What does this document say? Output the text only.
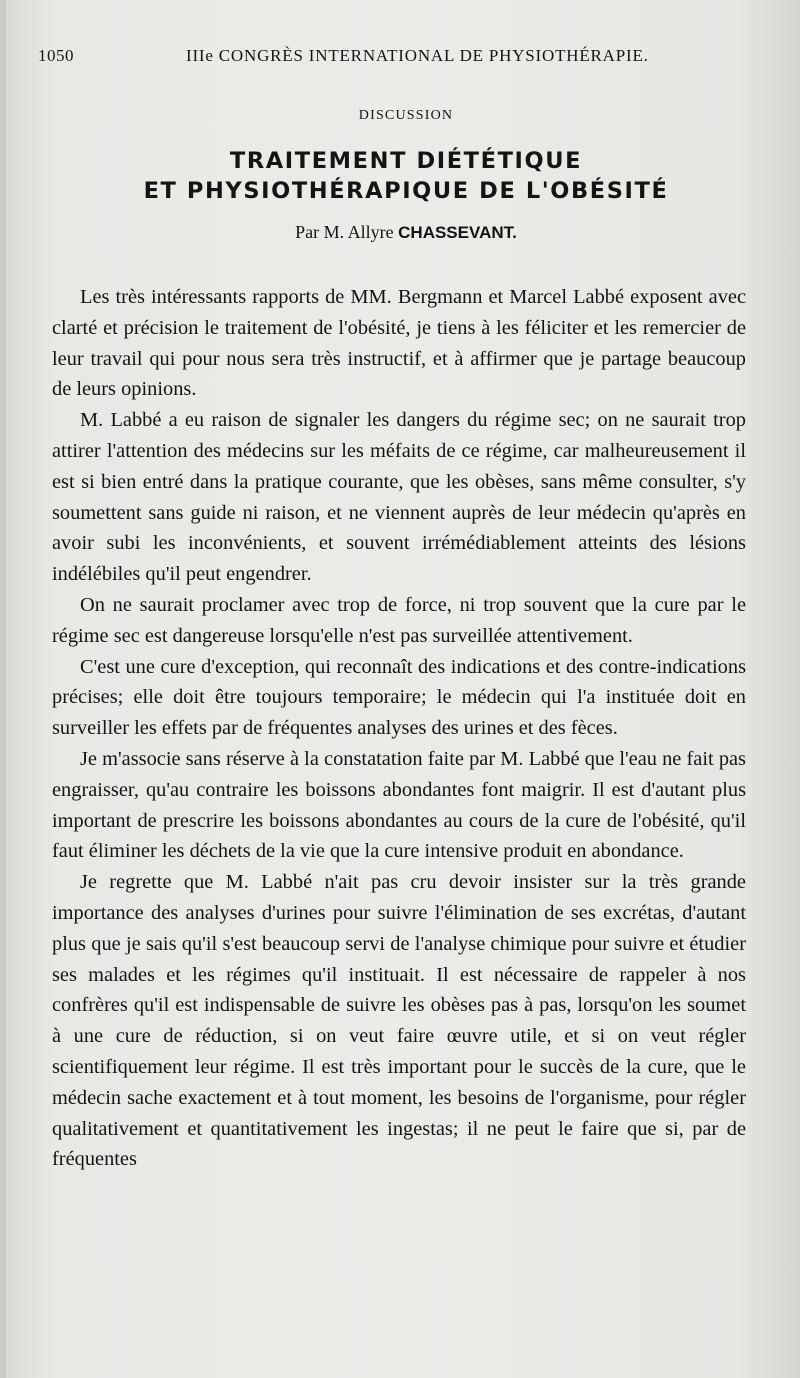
1050	IIIe CONGRÈS INTERNATIONAL DE PHYSIOTHÉRAPIE.
DISCUSSION
TRAITEMENT DIÉTÉTIQUE
ET PHYSIOTHÉRAPIQUE DE L'OBÉSITÉ
Par M. Allyre CHASSEVANT.

Les très intéressants rapports de MM. Bergmann et Marcel Labbé exposent avec clarté et précision le traitement de l'obésité, je tiens à les féliciter et les remercier de leur travail qui pour nous sera très instructif, et à affirmer que je partage beaucoup de leurs opinions.

M. Labbé a eu raison de signaler les dangers du régime sec; on ne saurait trop attirer l'attention des médecins sur les méfaits de ce régime, car malheureusement il est si bien entré dans la pratique courante, que les obèses, sans même consulter, s'y soumettent sans guide ni raison, et ne viennent auprès de leur médecin qu'après en avoir subi les inconvénients, et souvent irrémédiablement atteints des lésions indélébiles qu'il peut engendrer.

On ne saurait proclamer avec trop de force, ni trop souvent que la cure par le régime sec est dangereuse lorsqu'elle n'est pas surveillée attentivement.

C'est une cure d'exception, qui reconnaît des indications et des contre-indications précises; elle doit être toujours temporaire; le médecin qui l'a instituée doit en surveiller les effets par de fréquentes analyses des urines et des fèces.

Je m'associe sans réserve à la constatation faite par M. Labbé que l'eau ne fait pas engraisser, qu'au contraire les boissons abondantes font maigrir. Il est d'autant plus important de prescrire les boissons abondantes au cours de la cure de l'obésité, qu'il faut éliminer les déchets de la vie que la cure intensive produit en abondance.

Je regrette que M. Labbé n'ait pas cru devoir insister sur la très grande importance des analyses d'urines pour suivre l'élimination de ses excrétas, d'autant plus que je sais qu'il s'est beaucoup servi de l'analyse chimique pour suivre et étudier ses malades et les régimes qu'il instituait. Il est nécessaire de rappeler à nos confrères qu'il est indispensable de suivre les obèses pas à pas, lorsqu'on les soumet à une cure de réduction, si on veut faire œuvre utile, et si on veut régler scientifiquement leur régime. Il est très important pour le succès de la cure, que le médecin sache exactement et à tout moment, les besoins de l'organisme, pour régler qualitativement et quantitativement les ingestas; il ne peut le faire que si, par de fréquentes
